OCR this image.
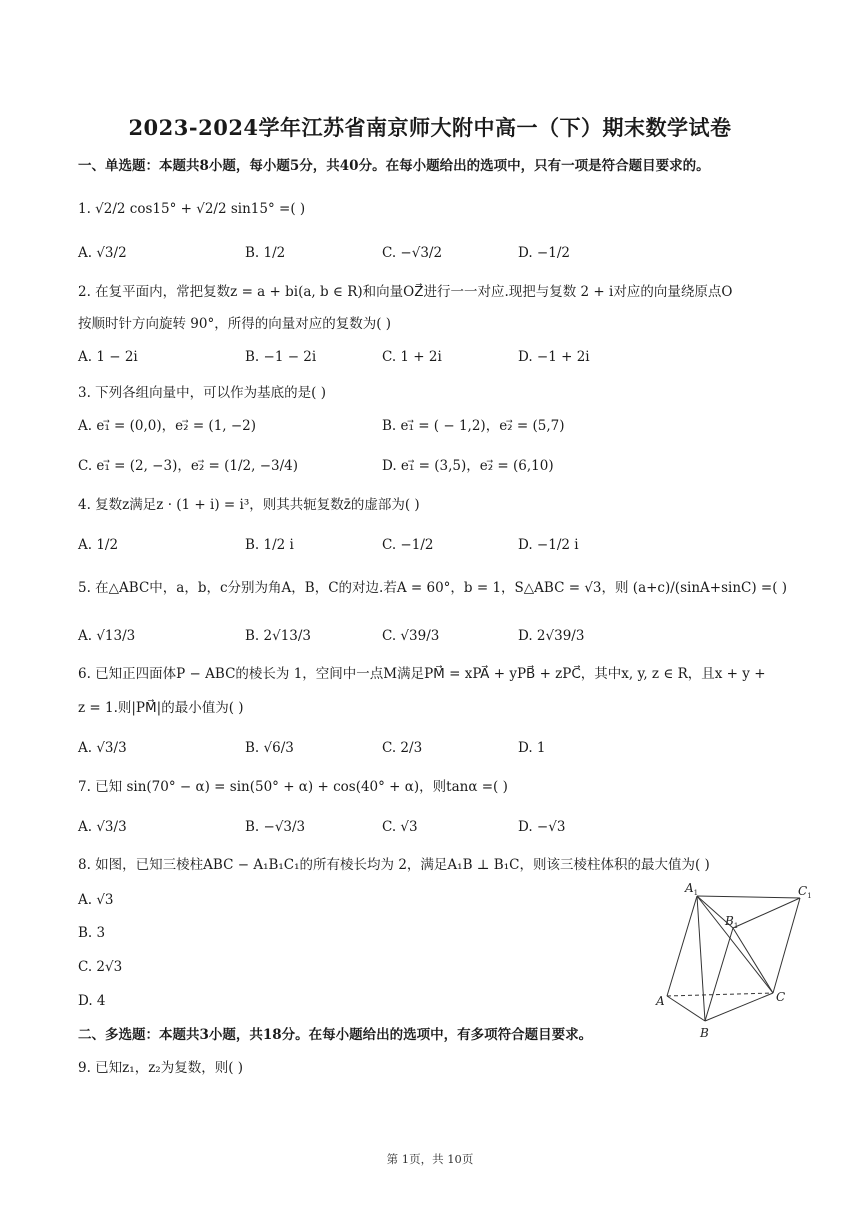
2023-2024学年江苏省南京师大附中高一（下）期末数学试卷
一、单选题：本题共8小题，每小题5分，共40分。在每小题给出的选项中，只有一项是符合题目要求的。
1. √2/2 cos15° + √2/2 sin15° =( )
A. √3/2	B. 1/2	C. −√3/2	D. −1/2
2. 在复平面内，常把复数z = a + bi(a, b ∈ R)和向量OZ⃗进行一一对应.现把与复数 2 + i对应的向量绕原点O
按顺时针方向旋转 90°，所得的向量对应的复数为( )
A. 1 − 2i	B. −1 − 2i	C. 1 + 2i	D. −1 + 2i
3. 下列各组向量中，可以作为基底的是( )
A. e₁⃗ = (0,0)，e₂⃗ = (1, −2)	B. e₁⃗ = ( − 1,2)，e₂⃗ = (5,7)
C. e₁⃗ = (2, −3)，e₂⃗ = (1/2, −3/4)	D. e₁⃗ = (3,5)，e₂⃗ = (6,10)
4. 复数z满足z · (1 + i) = i³，则其共轭复数z̄的虚部为( )
A. 1/2	B. 1/2 i	C. −1/2	D. −1/2 i
5. 在△ABC中，a，b，c分别为角A，B，C的对边.若A = 60°，b = 1，S△ABC = √3，则 (a+c)/(sinA+sinC) =( )
A. √13/3	B. 2√13/3	C. √39/3	D. 2√39/3
6. 已知正四面体P − ABC的棱长为 1，空间中一点M满足PM⃗ = xPA⃗ + yPB⃗ + zPC⃗，其中x, y, z ∈ R，且x + y +
z = 1.则|PM⃗|的最小值为( )
A. √3/3	B. √6/3	C. 2/3	D. 1
7. 已知 sin(70° − α) = sin(50° + α) + cos(40° + α)，则tanα =( )
A. √3/3	B. −√3/3	C. √3	D. −√3
8. 如图，已知三棱柱ABC − A₁B₁C₁的所有棱长均为 2，满足A₁B ⊥ B₁C，则该三棱柱体积的最大值为( )
A. √3
B. 3
C. 2√3
D. 4
$A_1$
$B_1$
$C_1$
A
B
C
二、多选题：本题共3小题，共18分。在每小题给出的选项中，有多项符合题目要求。
9. 已知z₁，z₂为复数，则( )
第 1页，共 10页
